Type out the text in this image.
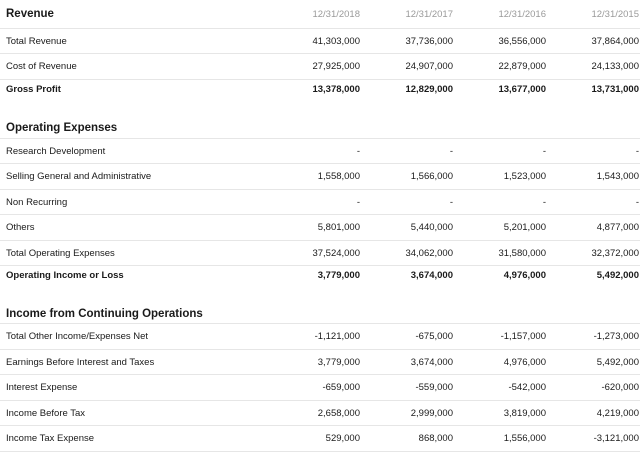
Revenue	12/31/2018	12/31/2017	12/31/2016	12/31/2015
Total Revenue	41,303,000	37,736,000	36,556,000	37,864,000
Cost of Revenue	27,925,000	24,907,000	22,879,000	24,133,000
Gross Profit	13,378,000	12,829,000	13,677,000	13,731,000
Operating Expenses
Research Development	-	-	-	-
Selling General and Administrative	1,558,000	1,566,000	1,523,000	1,543,000
Non Recurring	-	-	-	-
Others	5,801,000	5,440,000	5,201,000	4,877,000
Total Operating Expenses	37,524,000	34,062,000	31,580,000	32,372,000
Operating Income or Loss	3,779,000	3,674,000	4,976,000	5,492,000
Income from Continuing Operations
Total Other Income/Expenses Net	-1,121,000	-675,000	-1,157,000	-1,273,000
Earnings Before Interest and Taxes	3,779,000	3,674,000	4,976,000	5,492,000
Interest Expense	-659,000	-559,000	-542,000	-620,000
Income Before Tax	2,658,000	2,999,000	3,819,000	4,219,000
Income Tax Expense	529,000	868,000	1,556,000	-3,121,000
